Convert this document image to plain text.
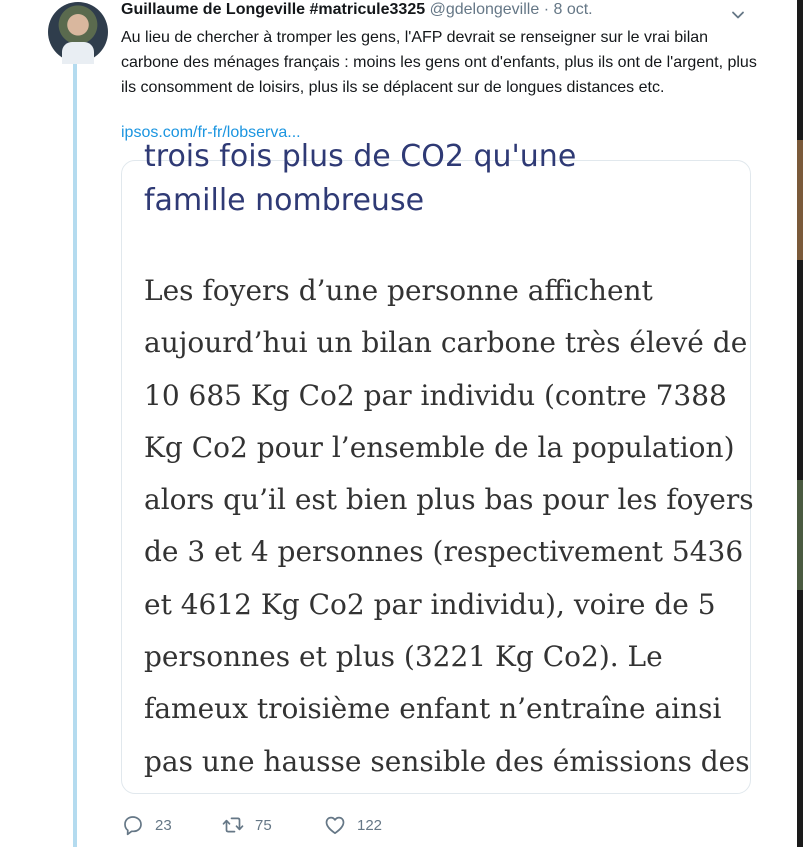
Guillaume de Longeville #matricule3325 @gdelongeville · 8 oct.
Au lieu de chercher à tromper les gens, l'AFP devrait se renseigner sur le vrai bilan carbone des ménages français : moins les gens ont d'enfants, plus ils ont de l'argent, plus ils consomment de loisirs, plus ils se déplacent sur de longues distances etc.
ipsos.com/fr-fr/lobserva...
trois fois plus de CO2 qu'une
famille nombreuse
Les foyers d’une personne affichent
aujourd’hui un bilan carbone très élevé de
10 685 Kg Co2 par individu (contre 7388
Kg Co2 pour l’ensemble de la population)
alors qu’il est bien plus bas pour les foyers
de 3 et 4 personnes (respectivement 5436
et 4612 Kg Co2 par individu), voire de 5
personnes et plus (3221 Kg Co2). Le
fameux troisième enfant n’entraîne ainsi
pas une hausse sensible des émissions des
23	75	122
